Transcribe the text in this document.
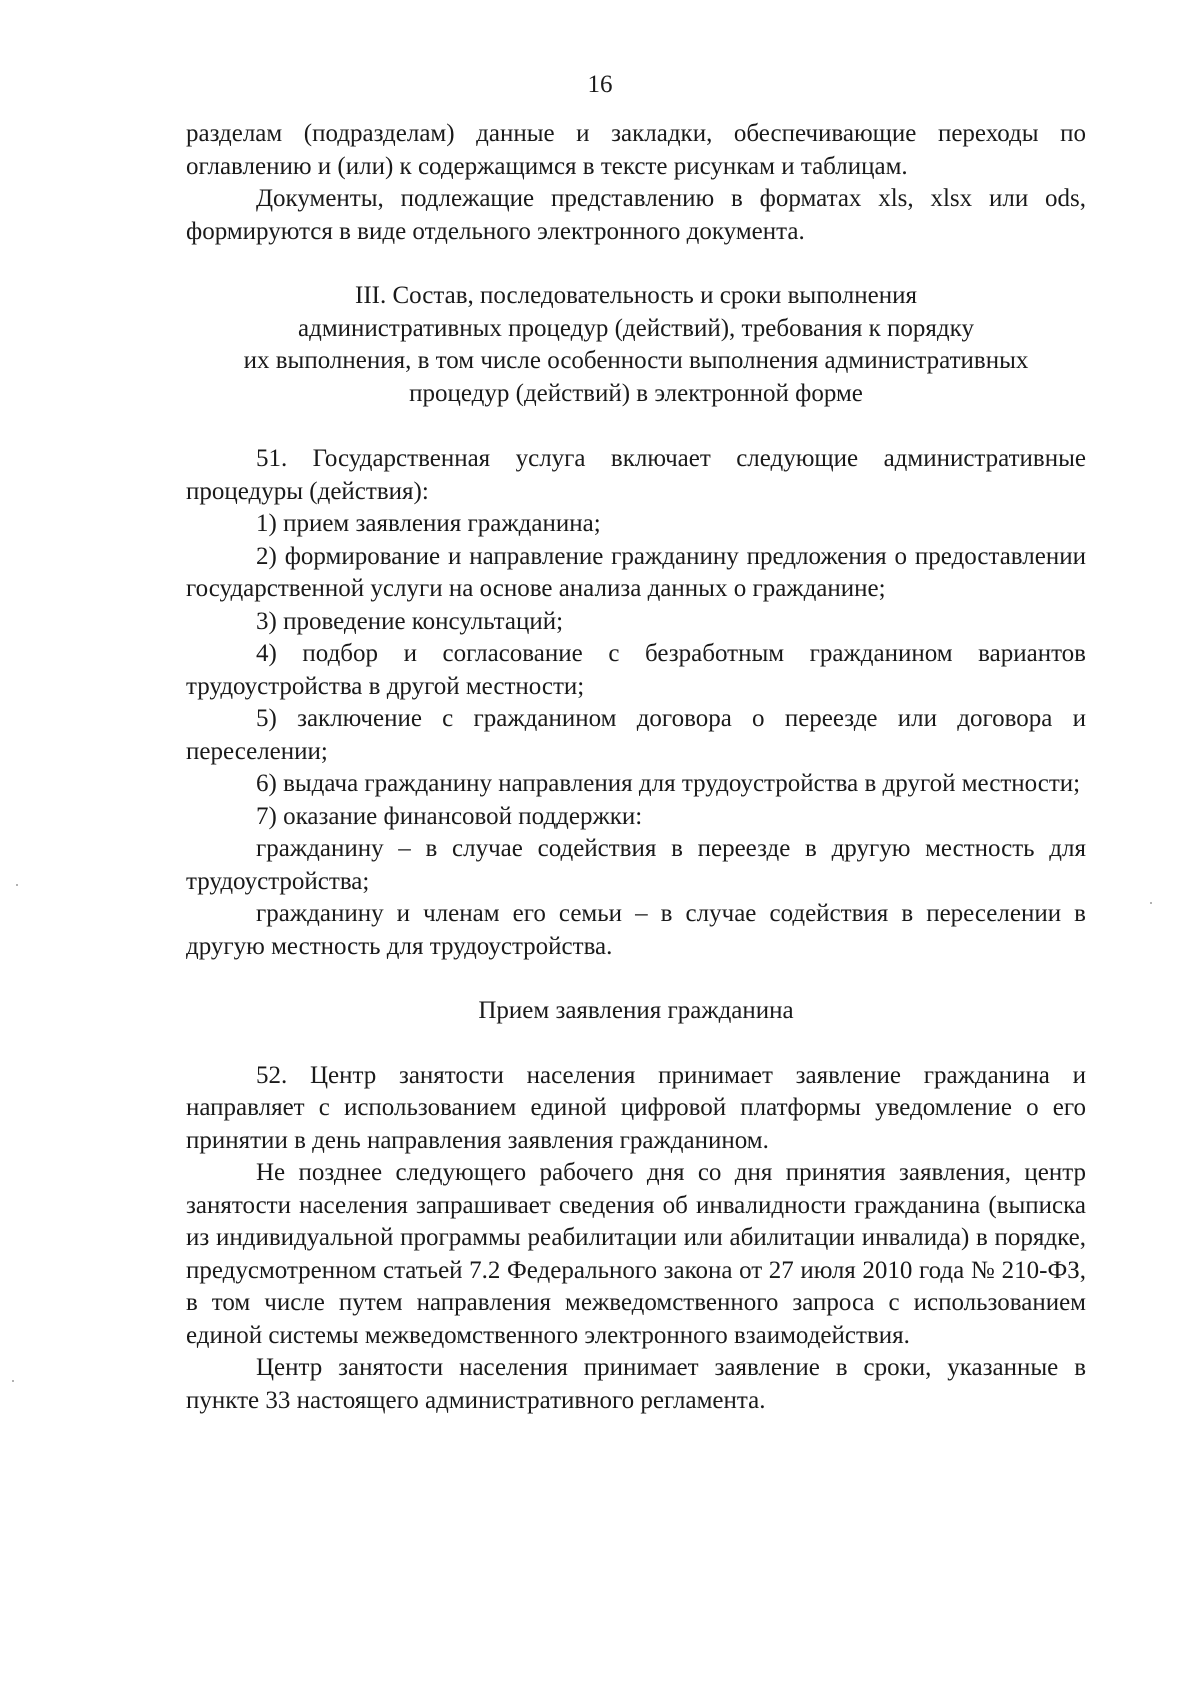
16

разделам (подразделам) данные и закладки, обеспечивающие переходы по оглавлению и (или) к содержащимся в тексте рисункам и таблицам.

Документы, подлежащие представлению в форматах xls, xlsx или ods, формируются в виде отдельного электронного документа.

III. Состав, последовательность и сроки выполнения
административных процедур (действий), требования к порядку
их выполнения, в том числе особенности выполнения административных
процедур (действий) в электронной форме

51. Государственная услуга включает следующие административные процедуры (действия):

1) прием заявления гражданина;

2) формирование и направление гражданину предложения о предоставлении государственной услуги на основе анализа данных о гражданине;

3) проведение консультаций;

4) подбор и согласование с безработным гражданином вариантов трудоустройства в другой местности;

5) заключение с гражданином договора о переезде или договора и переселении;

6) выдача гражданину направления для трудоустройства в другой местности;

7) оказание финансовой поддержки:

гражданину – в случае содействия в переезде в другую местность для трудоустройства;

гражданину и членам его семьи – в случае содействия в переселении в другую местность для трудоустройства.

Прием заявления гражданина

52. Центр занятости населения принимает заявление гражданина и направляет с использованием единой цифровой платформы уведомление о его принятии в день направления заявления гражданином.

Не позднее следующего рабочего дня со дня принятия заявления, центр занятости населения запрашивает сведения об инвалидности гражданина (выписка из индивидуальной программы реабилитации или абилитации инвалида) в порядке, предусмотренном статьей 7.2 Федерального закона от 27 июля 2010 года № 210-ФЗ, в том числе путем направления межведомственного запроса с использованием единой системы межведомственного электронного взаимодействия.

Центр занятости населения принимает заявление в сроки, указанные в пункте 33 настоящего административного регламента.
